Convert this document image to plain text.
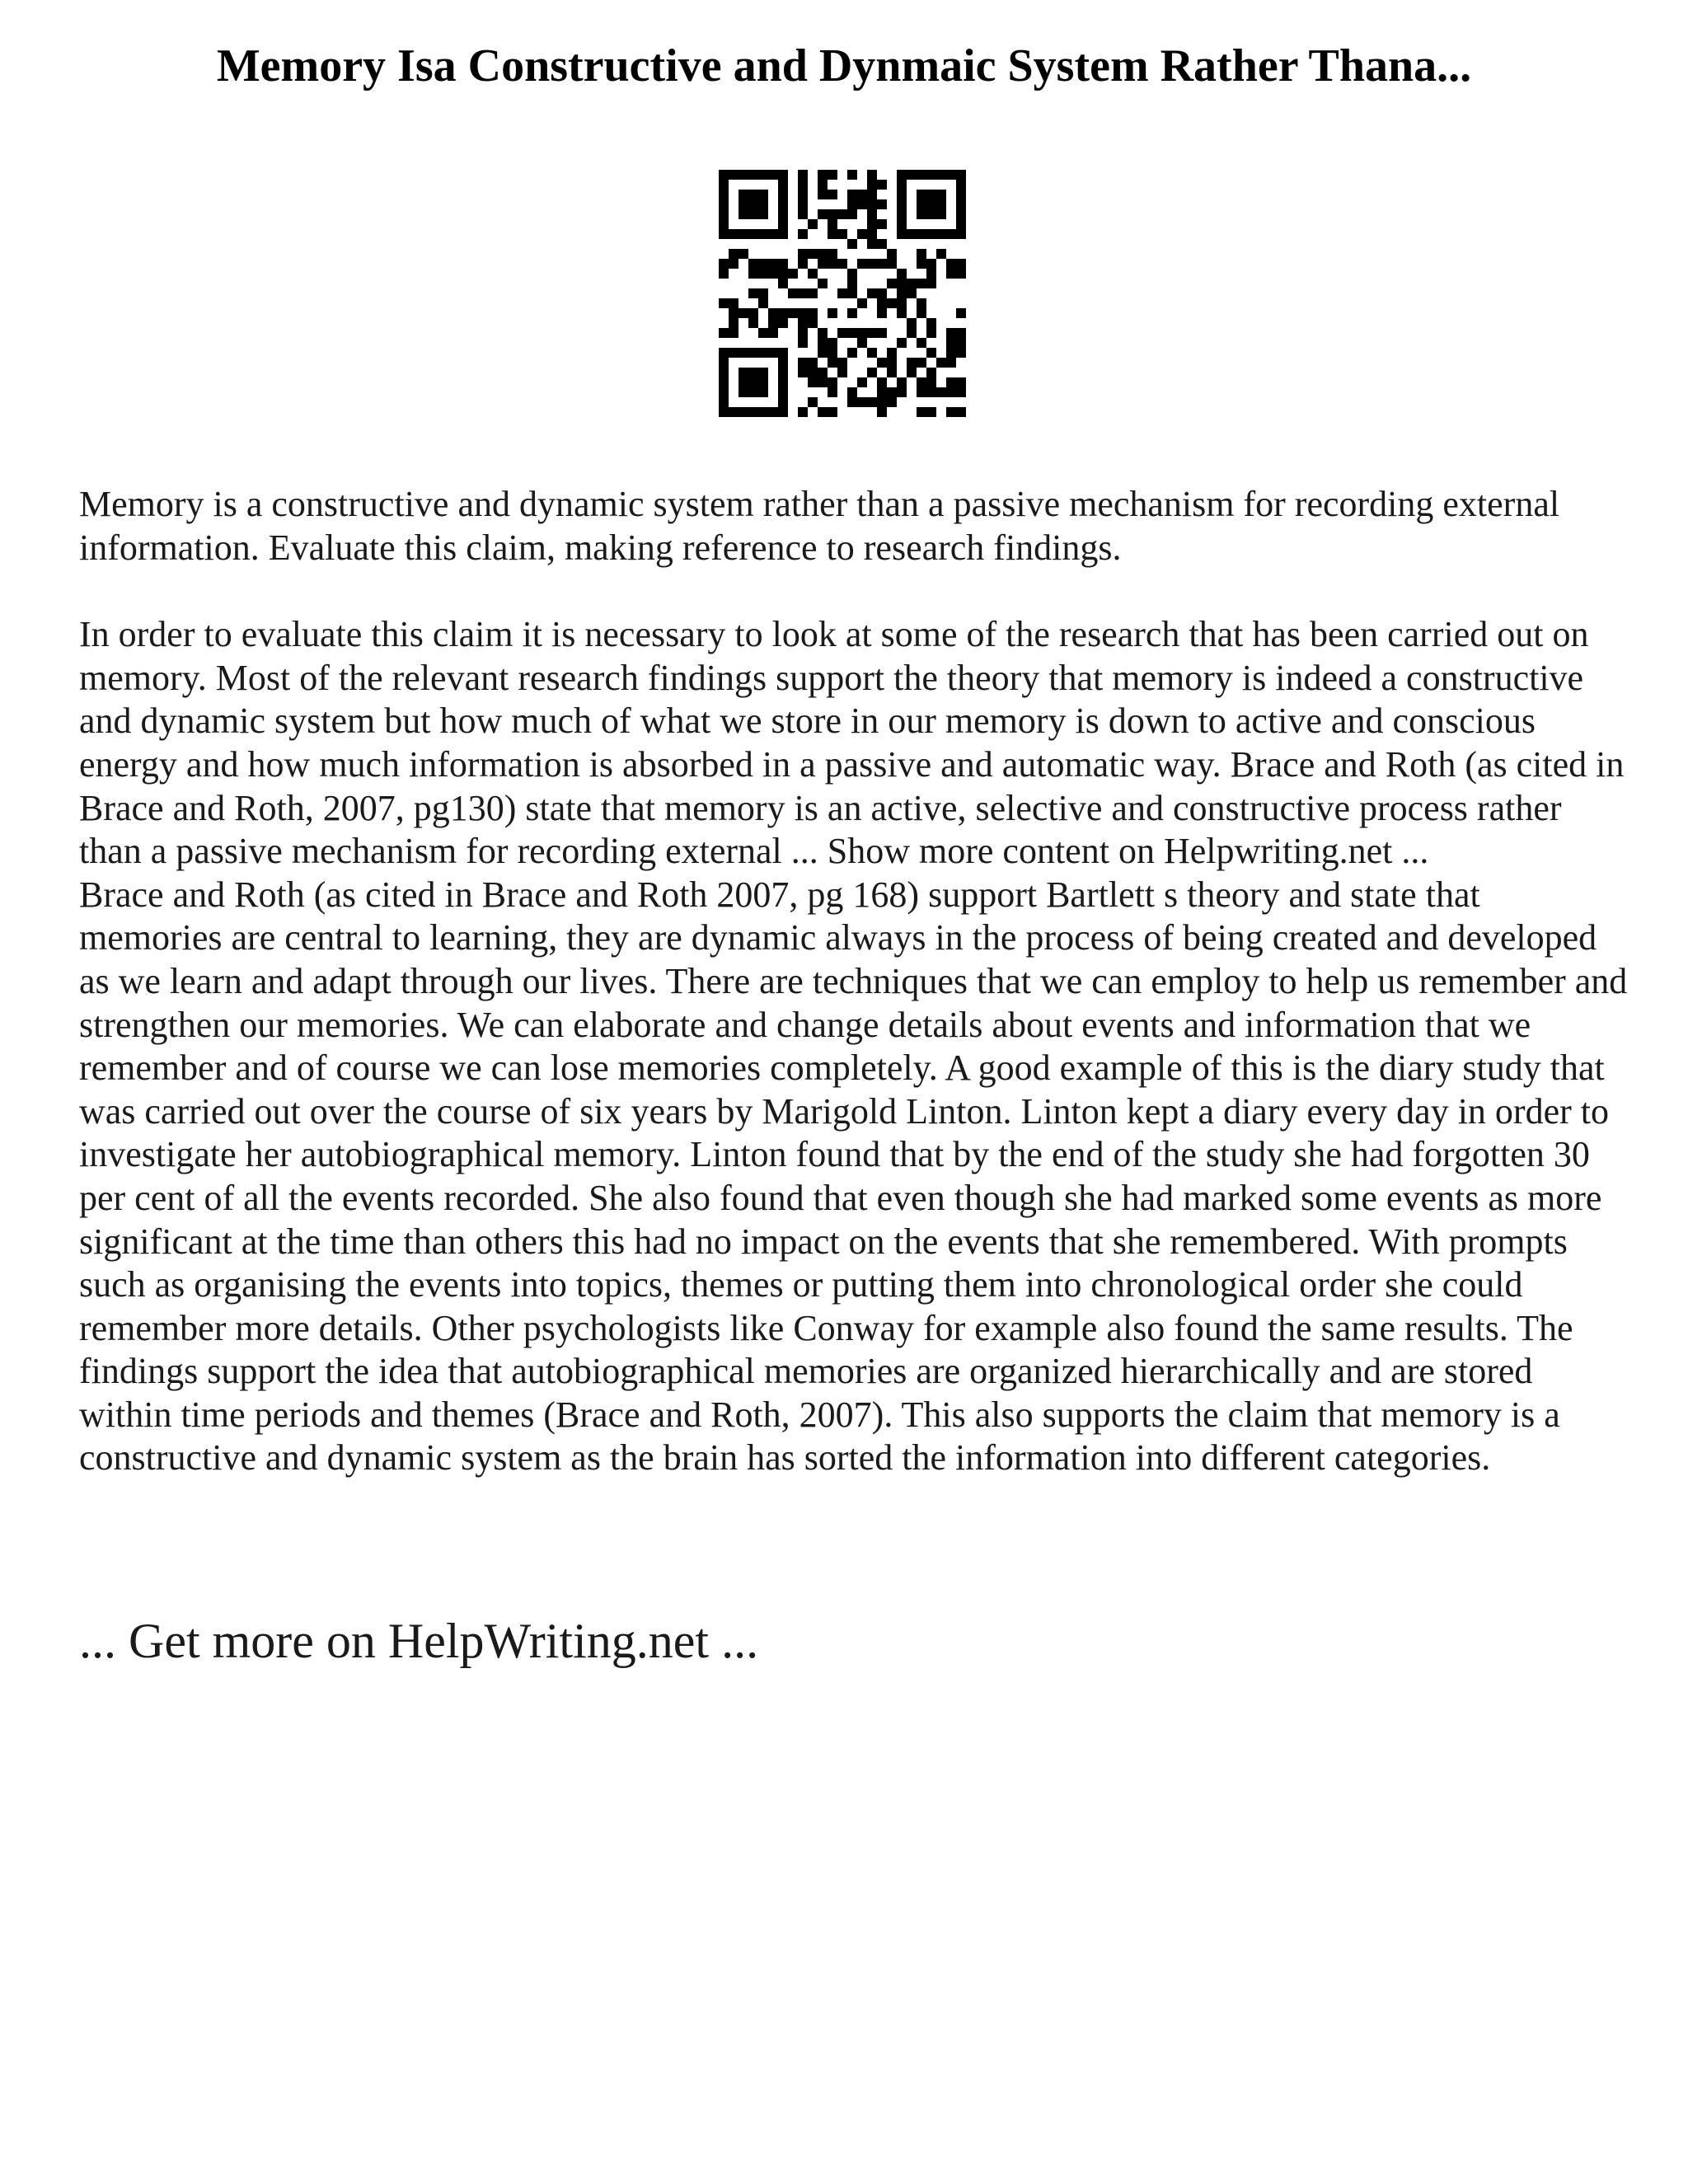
Memory Isa Constructive and Dynmaic System Rather Thana...

Memory is a constructive and dynamic system rather than a passive mechanism for recording external information. Evaluate this claim, making reference to research findings.

In order to evaluate this claim it is necessary to look at some of the research that has been carried out on memory. Most of the relevant research findings support the theory that memory is indeed a constructive and dynamic system but how much of what we store in our memory is down to active and conscious energy and how much information is absorbed in a passive and automatic way. Brace and Roth (as cited in Brace and Roth, 2007, pg130) state that memory is an active, selective and constructive process rather than a passive mechanism for recording external ... Show more content on Helpwriting.net ...

Brace and Roth (as cited in Brace and Roth 2007, pg 168) support Bartlett s theory and state that memories are central to learning, they are dynamic always in the process of being created and developed as we learn and adapt through our lives. There are techniques that we can employ to help us remember and strengthen our memories. We can elaborate and change details about events and information that we remember and of course we can lose memories completely. A good example of this is the diary study that was carried out over the course of six years by Marigold Linton. Linton kept a diary every day in order to investigate her autobiographical memory. Linton found that by the end of the study she had forgotten 30 per cent of all the events recorded. She also found that even though she had marked some events as more significant at the time than others this had no impact on the events that she remembered. With prompts such as organising the events into topics, themes or putting them into chronological order she could remember more details. Other psychologists like Conway for example also found the same results. The findings support the idea that autobiographical memories are organized hierarchically and are stored within time periods and themes (Brace and Roth, 2007). This also supports the claim that memory is a constructive and dynamic system as the brain has sorted the information into different categories.

... Get more on HelpWriting.net ...
